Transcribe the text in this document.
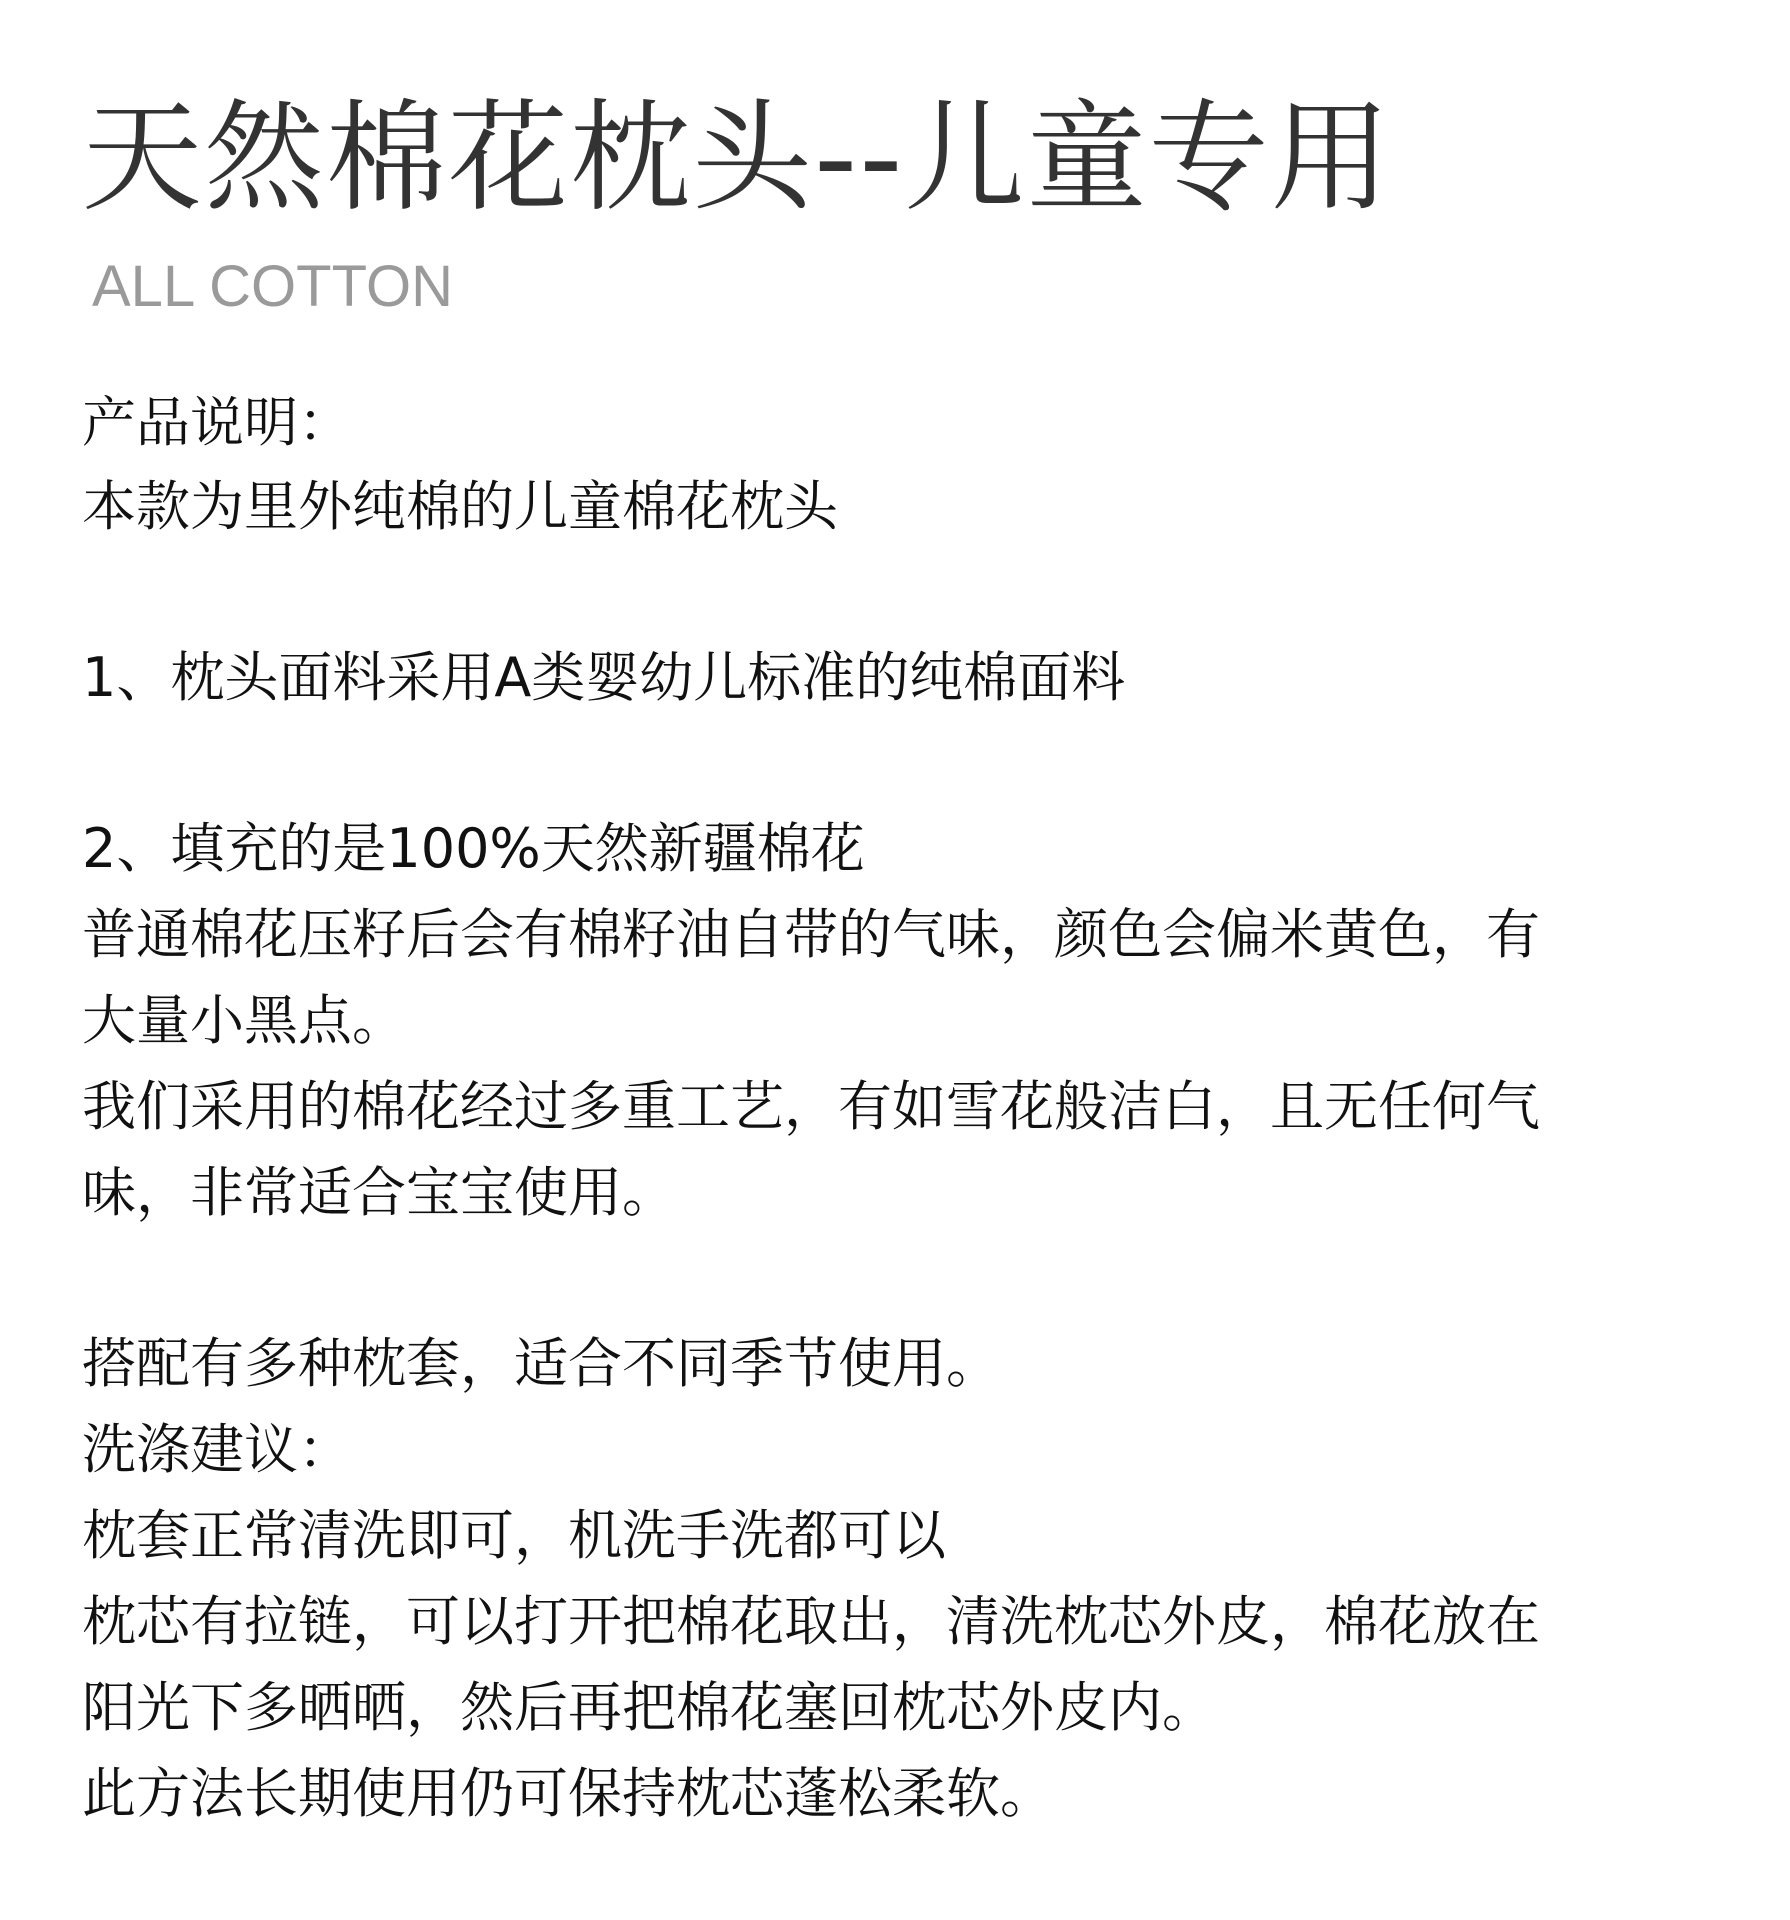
天然棉花枕头--儿童专用
ALL COTTON

产品说明：

本款为里外纯棉的儿童棉花枕头

1、枕头面料采用A类婴幼儿标准的纯棉面料

2、填充的是100%天然新疆棉花

普通棉花压籽后会有棉籽油自带的气味，颜色会偏米黄色，有

大量小黑点。

我们采用的棉花经过多重工艺，有如雪花般洁白，且无任何气

味，非常适合宝宝使用。

搭配有多种枕套，适合不同季节使用。

洗涤建议：

枕套正常清洗即可，机洗手洗都可以

枕芯有拉链，可以打开把棉花取出，清洗枕芯外皮，棉花放在

阳光下多晒晒，然后再把棉花塞回枕芯外皮内。

此方法长期使用仍可保持枕芯蓬松柔软。
